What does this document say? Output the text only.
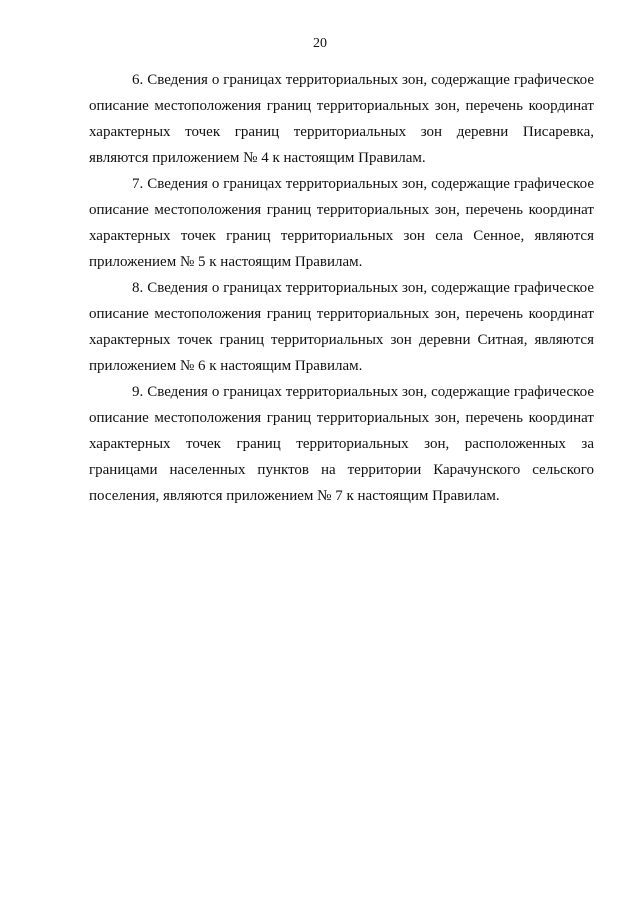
20

6. Сведения о границах территориальных зон, содержащие графическое
описание местоположения границ территориальных зон, перечень координат
характерных точек границ территориальных зон деревни Писаревка,
являются приложением № 4 к настоящим Правилам.

7. Сведения о границах территориальных зон, содержащие графическое
описание местоположения границ территориальных зон, перечень координат
характерных точек границ территориальных зон села Сенное, являются
приложением № 5 к настоящим Правилам.

8. Сведения о границах территориальных зон, содержащие графическое
описание местоположения границ территориальных зон, перечень координат
характерных точек границ территориальных зон деревни Ситная, являются
приложением № 6 к настоящим Правилам.

9. Сведения о границах территориальных зон, содержащие графическое
описание местоположения границ территориальных зон, перечень координат
характерных точек границ территориальных зон, расположенных за
границами населенных пунктов на территории Карачунского сельского
поселения, являются приложением № 7 к настоящим Правилам.
